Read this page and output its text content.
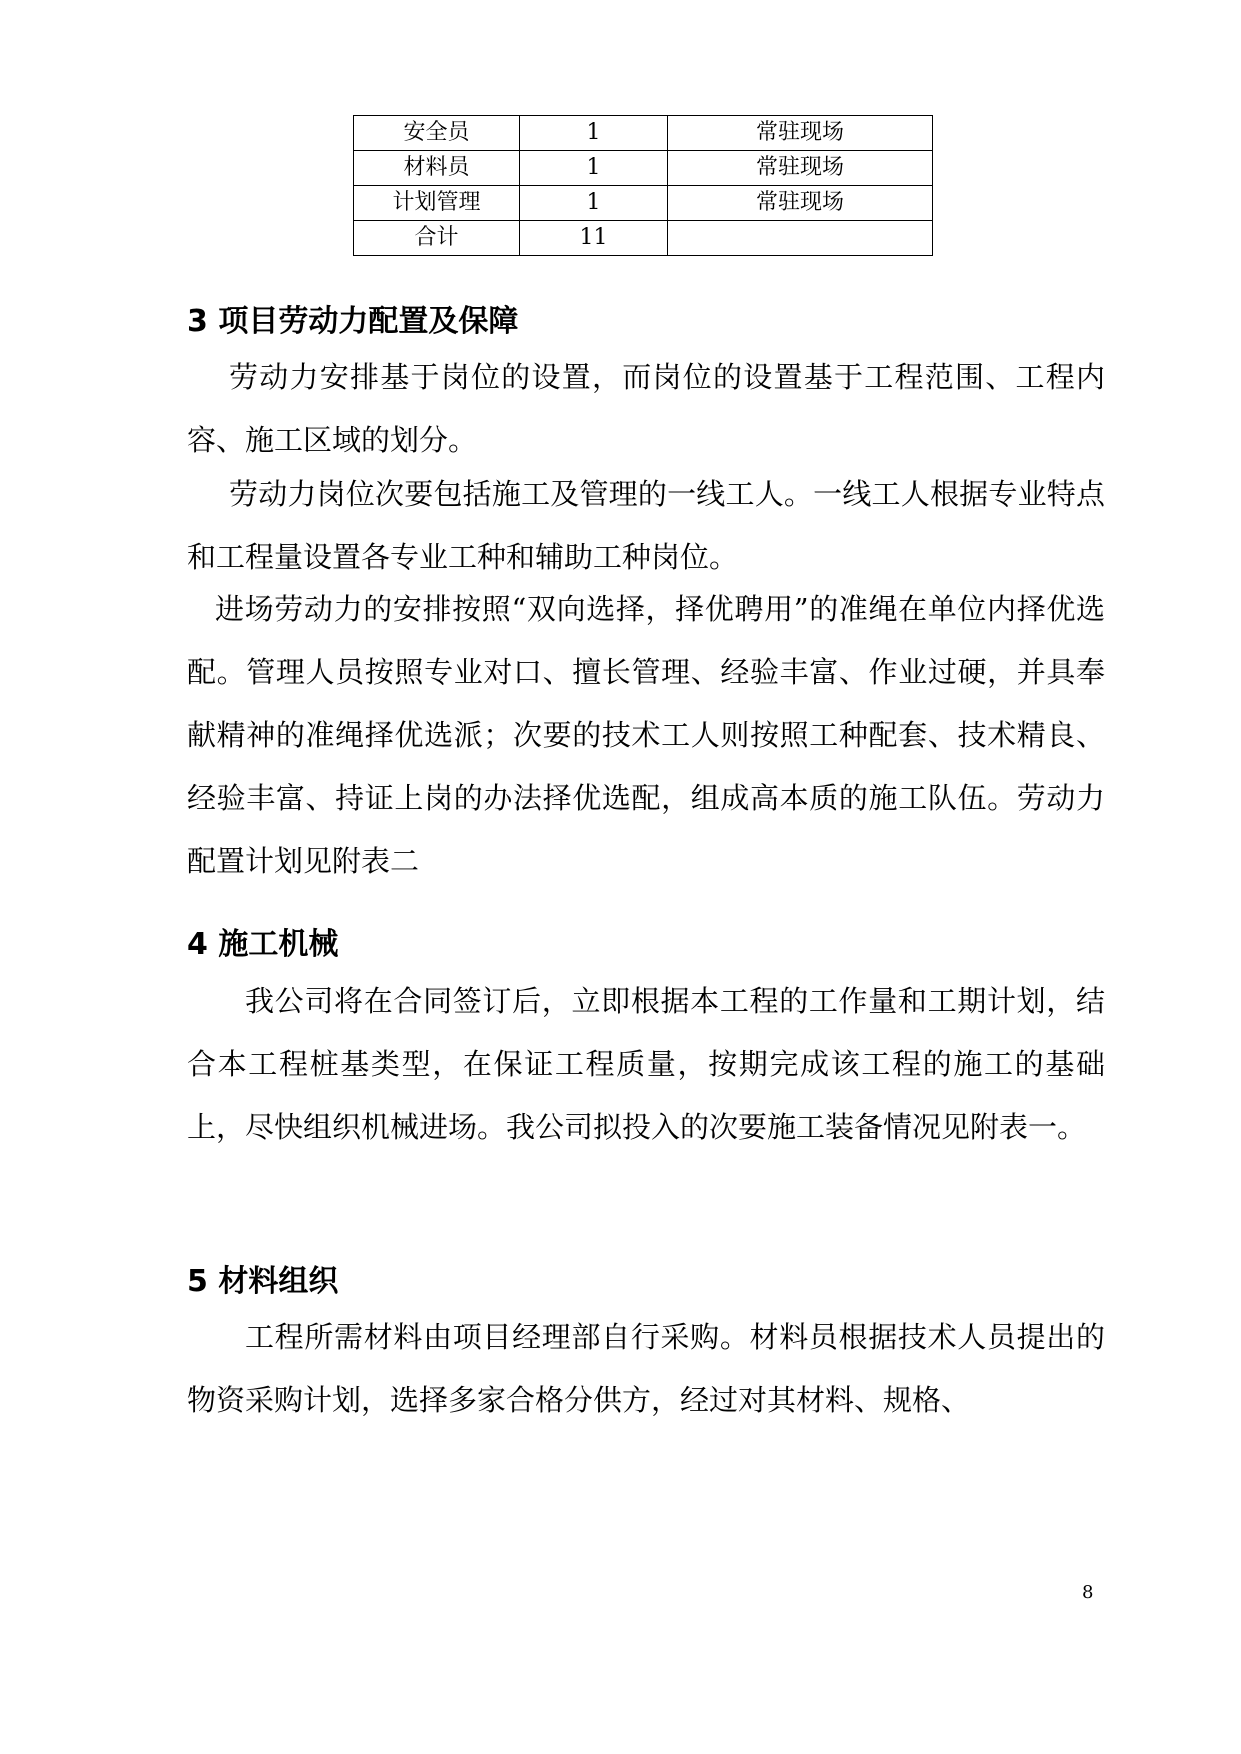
安全员	1	常驻现场
材料员	1	常驻现场
计划管理	1	常驻现场
合计	11	
3 项目劳动力配置及保障

劳动力安排基于岗位的设置，而岗位的设置基于工程范围、工程内容、施工区域的划分。

劳动力岗位次要包括施工及管理的一线工人。一线工人根据专业特点和工程量设置各专业工种和辅助工种岗位。

进场劳动力的安排按照“双向选择，择优聘用”的准绳在单位内择优选配。管理人员按照专业对口、擅长管理、经验丰富、作业过硬，并具奉献精神的准绳择优选派；次要的技术工人则按照工种配套、技术精良、经验丰富、持证上岗的办法择优选配，组成高本质的施工队伍。劳动力配置计划见附表二

4 施工机械

我公司将在合同签订后，立即根据本工程的工作量和工期计划，结合本工程桩基类型，在保证工程质量，按期完成该工程的施工的基础上，尽快组织机械进场。我公司拟投入的次要施工装备情况见附表一。

5 材料组织

工程所需材料由项目经理部自行采购。材料员根据技术人员提出的物资采购计划，选择多家合格分供方，经过对其材料、规格、

8
